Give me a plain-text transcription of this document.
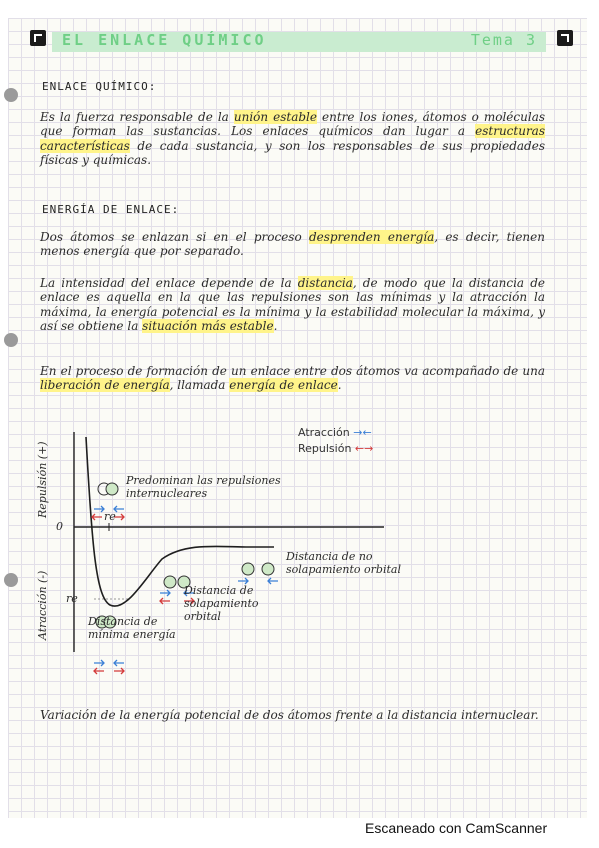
EL ENLACE QUÍMICO	Tema 3
ENLACE QUÍMICO:
Es la fuerza responsable de la unión estable entre los iones, átomos o moléculas que forman las sustancias. Los enlaces químicos dan lugar a estructuras características de cada sustancia, y son los responsables de sus propiedades físicas y químicas.
ENERGÍA DE ENLACE:
Dos átomos se enlazan si en el proceso desprenden energía, es decir, tienen menos energía que por separado.
La intensidad del enlace depende de la distancia, de modo que la distancia de enlace es aquella en la que las repulsiones son las mínimas y la atracción la máxima, la energía potencial es la mínima y la estabilidad molecular la máxima, y así se obtiene la situación más estable.
En el proceso de formación de un enlace entre dos átomos va acompañado de una liberación de energía, llamada energía de enlace.
Repulsión (+)
Atracción (-)
0
re
re
Predominan las repulsiones internucleares
Distancia de no solapamiento orbital
Distancia de solapamiento orbital
Distancia de mínima energía
Atracción →←
Repulsión ←→
Variación de la energía potencial de dos átomos frente a la distancia internuclear.
Escaneado con CamScanner
